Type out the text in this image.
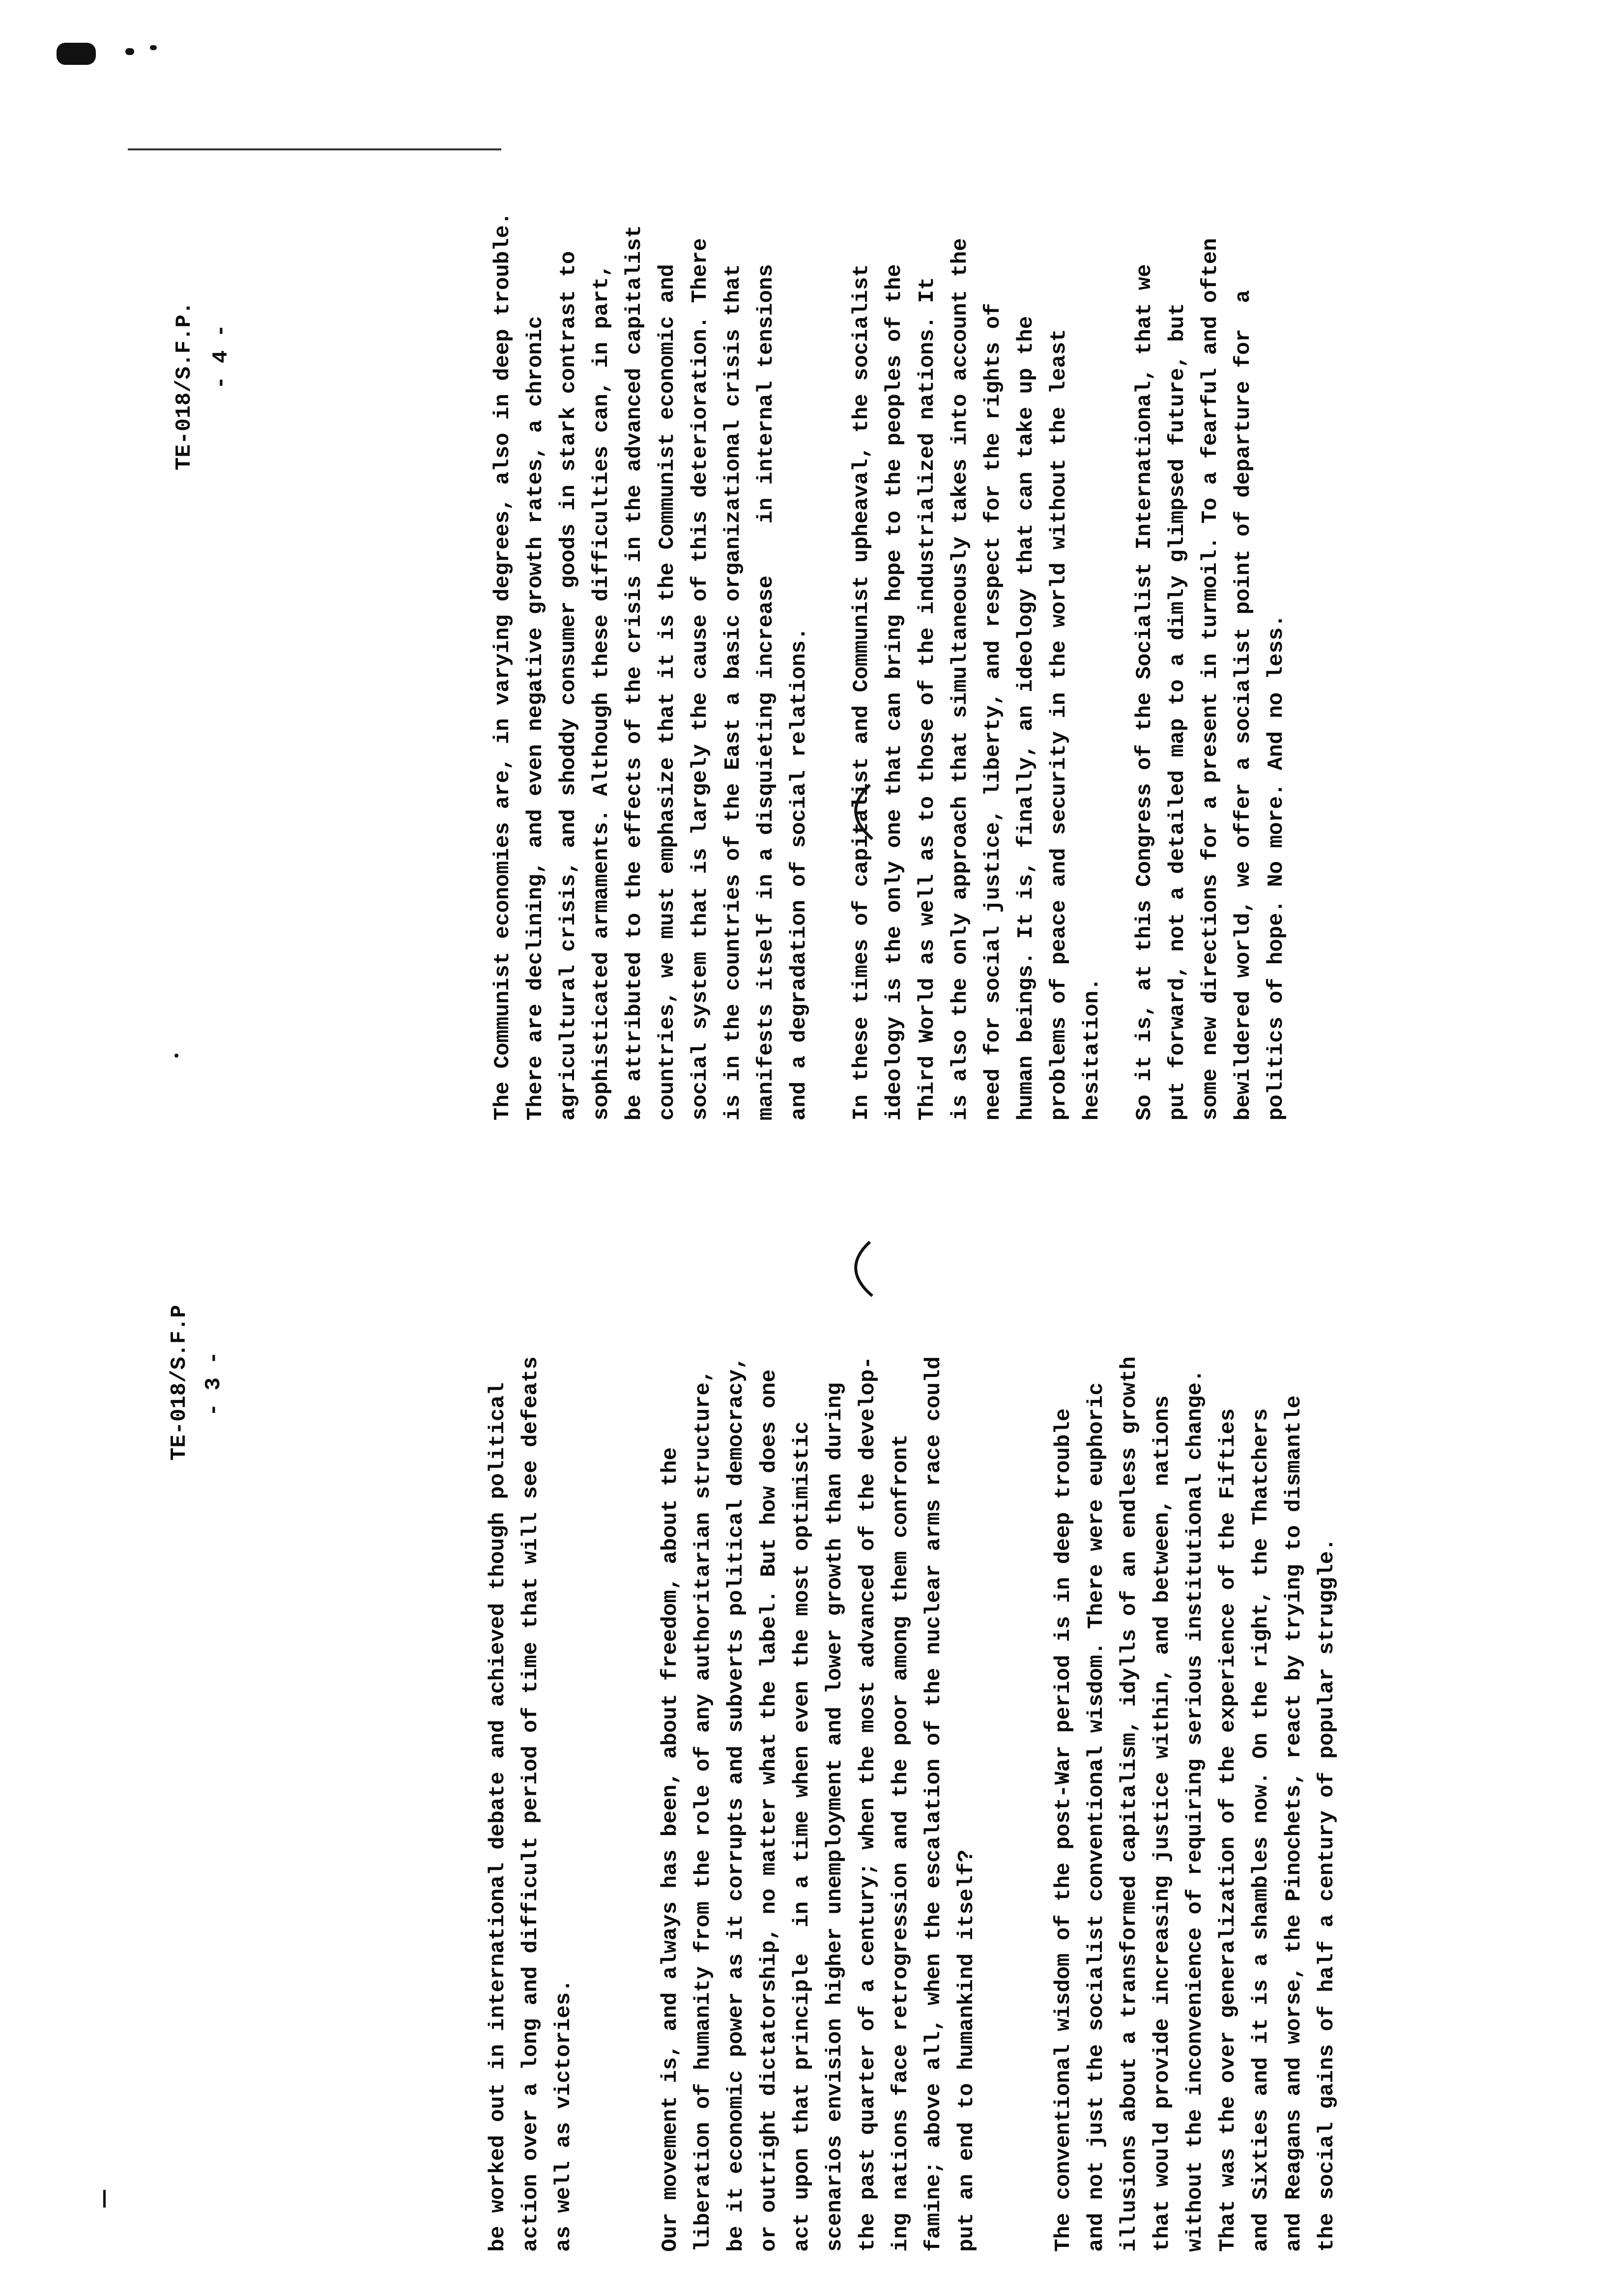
TE-018/S.F.P - 3 -	be worked out in international debate and achieved though political action over a long and difficult period of time that will see defeats as well as victories.	Our movement is, and always has been, about freedom, about the liberation of humanity from the role of any authoritarian structure, be it economic power as it corrupts and subverts political democracy, or outright dictatorship, no matter what the label. But how does one act upon that principle  in a time when even the most optimistic scenarios envision higher unemployment and lower growth than during the past quarter of a century; when the most advanced of the develop- ing nations face retrogression and the poor among them confront famine; above all, when the escalation of the nuclear arms race could put an end to humankind itself?	The conventional wisdom of the post-War period is in deep trouble and not just the socialist conventional wisdom. There were euphoric illusions about a transformed capitalism, idylls of an endless growth that would provide increasing justice within, and between, nations without the inconvenience of requiring serious institutional change. That was the over generalization of the experience of the Fifties and Sixties and it is a shambles now. On the right, the Thatchers and Reagans and worse, the Pinochets, react by trying to dismantle the social gains of half a century of popular struggle.
TE-018/S.F.P. - 4 -	The Communist economies are, in varying degrees, also in deep trouble. There are declining, and even negative growth rates, a chronic agricultural crisis, and shoddy consumer goods in stark contrast to sophisticated armaments. Although these difficulties can, in part, be attributed to the effects of the crisis in the advanced capitalist countries, we must emphasize that it is the Communist economic and social system that is largely the cause of this deterioration. There is in the countries of the East a basic organizational crisis that manifests itself in a disquieting increase    in internal tensions and a degradation of social relations. In these times of capitalist and Communist upheaval, the socialist ideology is the only one that can bring hope to the peoples of the Third World as well as to those of the industrialized nations. It is also the only approach that simultaneously takes into account the need for social justice, liberty, and respect for the rights of human beings. It is, finally, an ideology that can take up the problems of peace and security in the world without the least hesitation. So it is, at this Congress of the Socialist International, that we put forward, not a detailed map to a dimly glimpsed future, but some new directions for a present in turmoil. To a fearful and often bewildered world, we offer a socialist point of departure for  a politics of hope. No more. And no less.
